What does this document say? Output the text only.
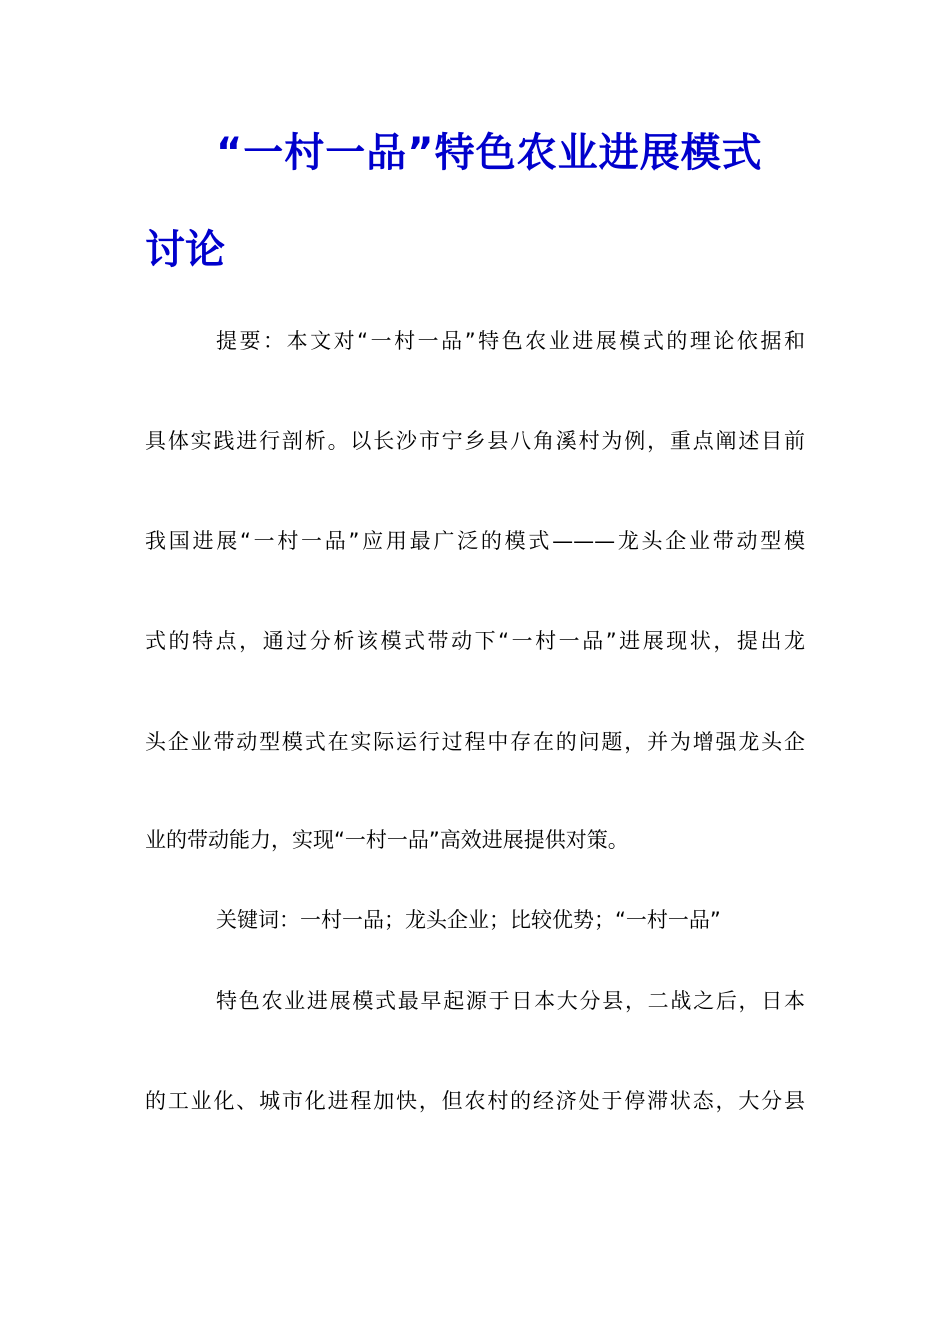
“一村一品”特色农业进展模式
讨论
提要：本文对“一村一品”特色农业进展模式的理论依据和
具体实践进行剖析。以长沙市宁乡县八角溪村为例，重点阐述目前
我国进展“一村一品”应用最广泛的模式———龙头企业带动型模
式的特点，通过分析该模式带动下“一村一品”进展现状，提出龙
头企业带动型模式在实际运行过程中存在的问题，并为增强龙头企
业的带动能力，实现“一村一品”高效进展提供对策。
关键词：一村一品；龙头企业；比较优势；“一村一品”
特色农业进展模式最早起源于日本大分县，二战之后，日本
的工业化、城市化进程加快，但农村的经济处于停滞状态，大分县
